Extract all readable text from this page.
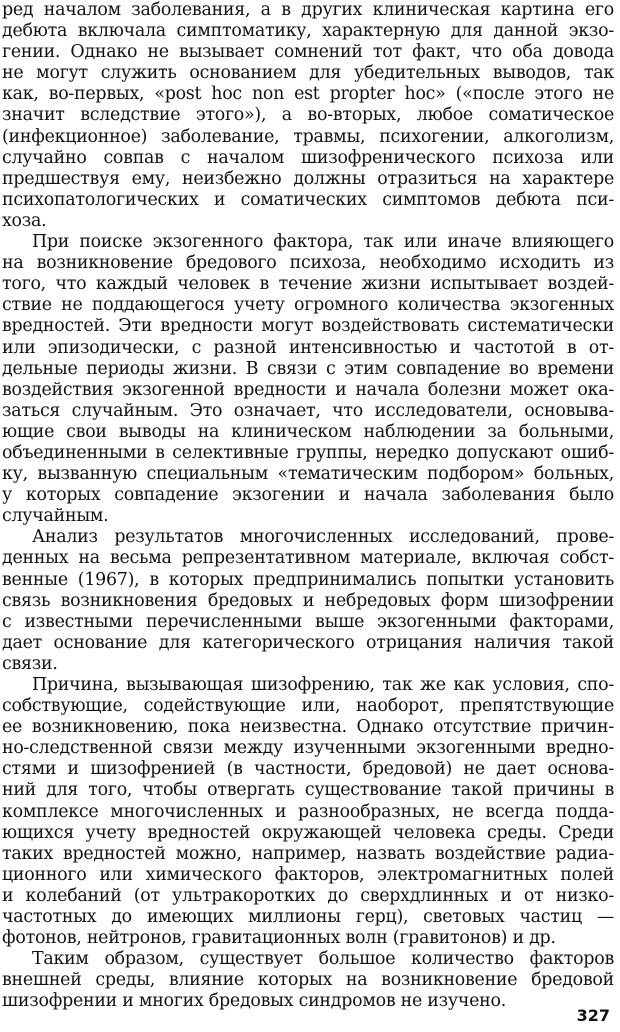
ред началом заболевания, а в других клиническая картина его
дебюта включала симптоматику, характерную для данной экзо-
гении. Однако не вызывает сомнений тот факт, что оба довода
не могут служить основанием для убедительных выводов, так
как, во-первых, «post hoc non est propter hoc» («после этого не
значит вследствие этого»), а во-вторых, любое соматическое
(инфекционное) заболевание, травмы, психогении, алкоголизм,
случайно совпав с началом шизофренического психоза или
предшествуя ему, неизбежно должны отразиться на характере
психопатологических и соматических симптомов дебюта пси-
хоза.
При поиске экзогенного фактора, так или иначе влияющего
на возникновение бредового психоза, необходимо исходить из
того, что каждый человек в течение жизни испытывает воздей-
ствие не поддающегося учету огромного количества экзогенных
вредностей. Эти вредности могут воздействовать систематически
или эпизодически, с разной интенсивностью и частотой в от-
дельные периоды жизни. В связи с этим совпадение во времени
воздействия экзогенной вредности и начала болезни может ока-
заться случайным. Это означает, что исследователи, основыва-
ющие свои выводы на клиническом наблюдении за больными,
объединенными в селективные группы, нередко допускают ошиб-
ку, вызванную специальным «тематическим подбором» больных,
у которых совпадение экзогении и начала заболевания было
случайным.
Анализ результатов многочисленных исследований, прове-
денных на весьма репрезентативном материале, включая собст-
венные (1967), в которых предпринимались попытки установить
связь возникновения бредовых и небредовых форм шизофрении
с известными перечисленными выше экзогенными факторами,
дает основание для категорического отрицания наличия такой
связи.
Причина, вызывающая шизофрению, так же как условия, спо-
собствующие, содействующие или, наоборот, препятствующие
ее возникновению, пока неизвестна. Однако отсутствие причин-
но-следственной связи между изученными экзогенными вредно-
стями и шизофренией (в частности, бредовой) не дает основа-
ний для того, чтобы отвергать существование такой причины в
комплексе многочисленных и разнообразных, не всегда подда-
ющихся учету вредностей окружающей человека среды. Среди
таких вредностей можно, например, назвать воздействие радиа-
ционного или химического факторов, электромагнитных полей
и колебаний (от ультракоротких до сверхдлинных и от низко-
частотных до имеющих миллионы герц), световых частиц —
фотонов, нейтронов, гравитационных волн (гравитонов) и др.
Таким образом, существует большое количество факторов
внешней среды, влияние которых на возникновение бредовой
шизофрении и многих бредовых синдромов не изучено.
327
